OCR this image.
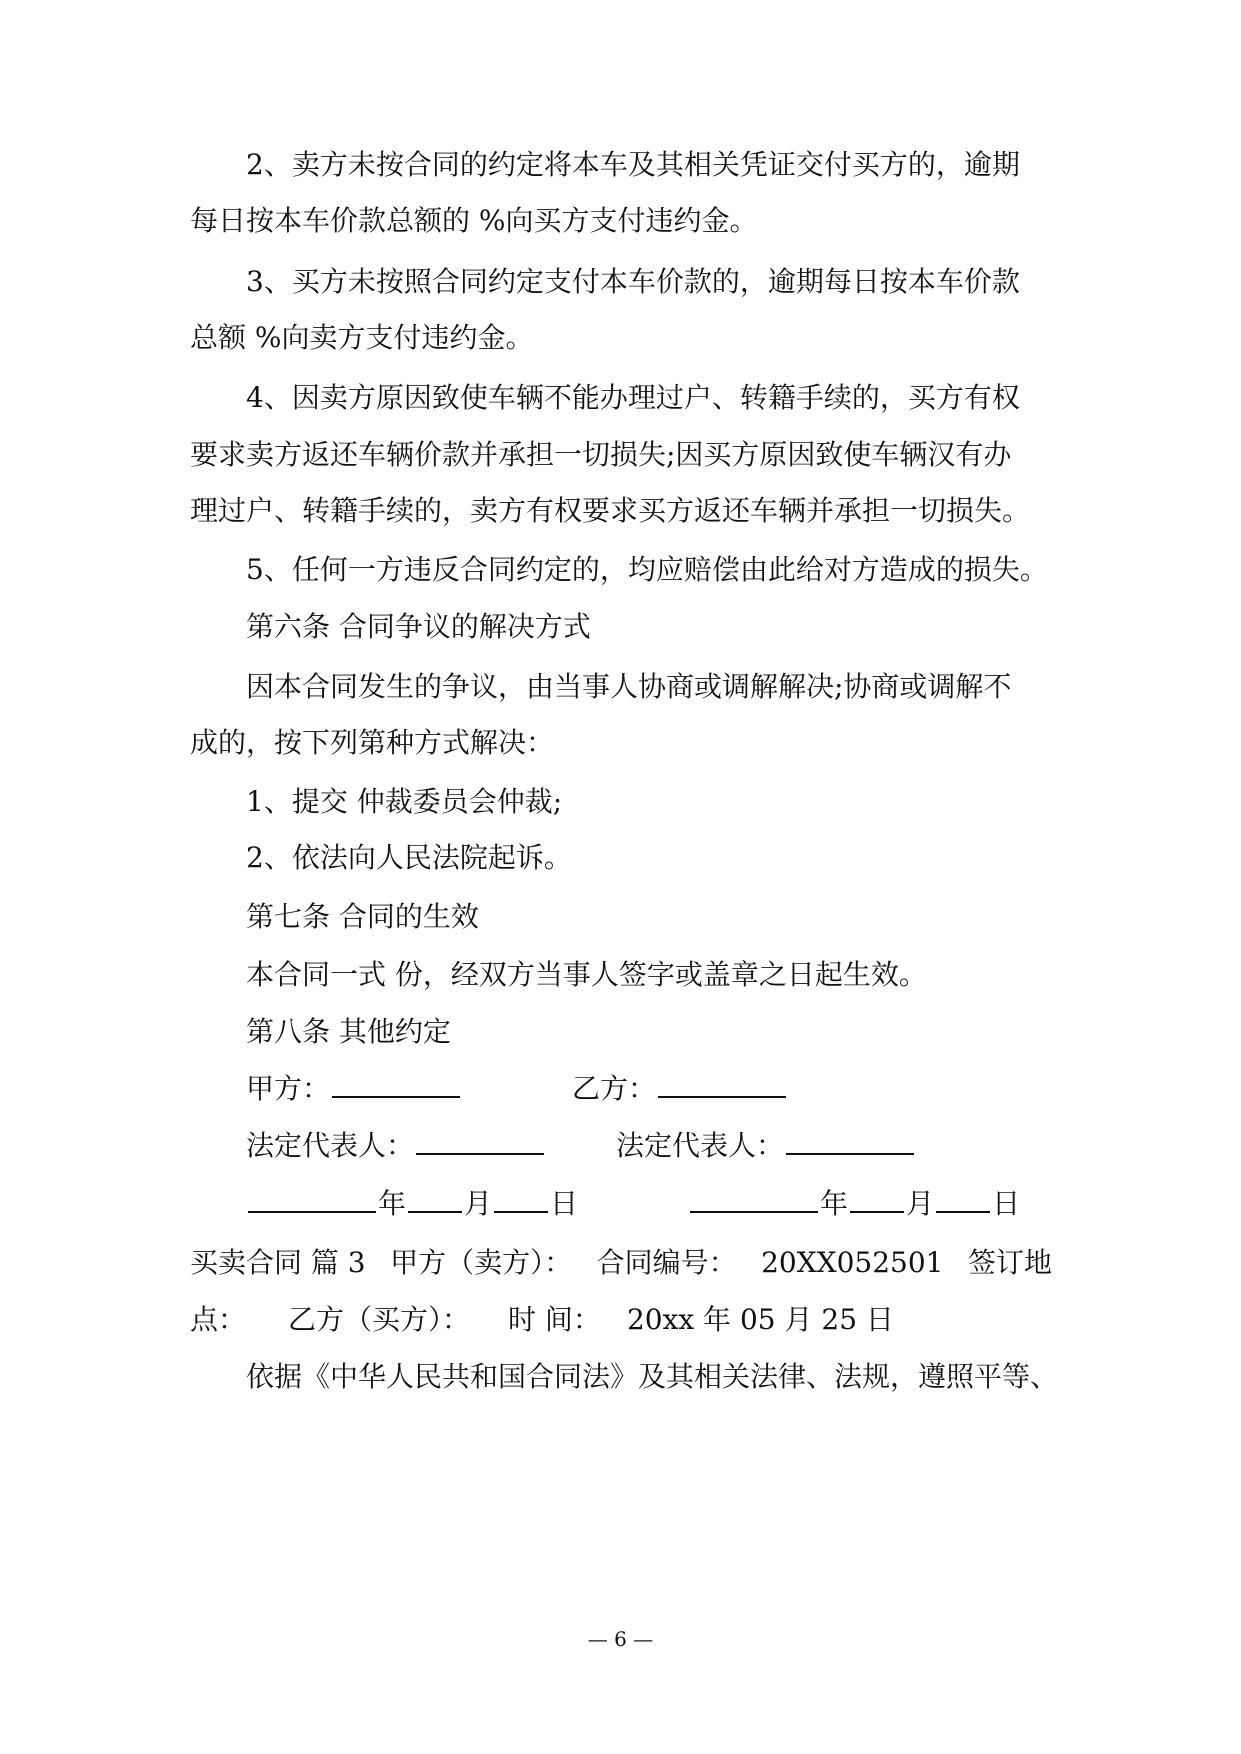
2、卖方未按合同的约定将本车及其相关凭证交付买方的，逾期
每日按本车价款总额的 %向买方支付违约金。
3、买方未按照合同约定支付本车价款的，逾期每日按本车价款
总额 %向卖方支付违约金。
4、因卖方原因致使车辆不能办理过户、转籍手续的，买方有权
要求卖方返还车辆价款并承担一切损失;因买方原因致使车辆汉有办
理过户、转籍手续的，卖方有权要求买方返还车辆并承担一切损失。
5、任何一方违反合同约定的，均应赔偿由此给对方造成的损失。
第六条 合同争议的解决方式
因本合同发生的争议，由当事人协商或调解解决;协商或调解不
成的，按下列第种方式解决：
1、提交 仲裁委员会仲裁;
2、依法向人民法院起诉。
第七条 合同的生效
本合同一式 份，经双方当事人签字或盖章之日起生效。
第八条 其他约定
甲方：	乙方：
法定代表人：	法定代表人：
年 月 日	年 月 日
买卖合同 篇 3 甲方（卖方）： 合同编号： 20XX052501 签订地
点： 乙方（买方）： 时 间： 20xx 年 05 月 25 日
依据《中华人民共和国合同法》及其相关法律、法规，遵照平等、
— 6 —
